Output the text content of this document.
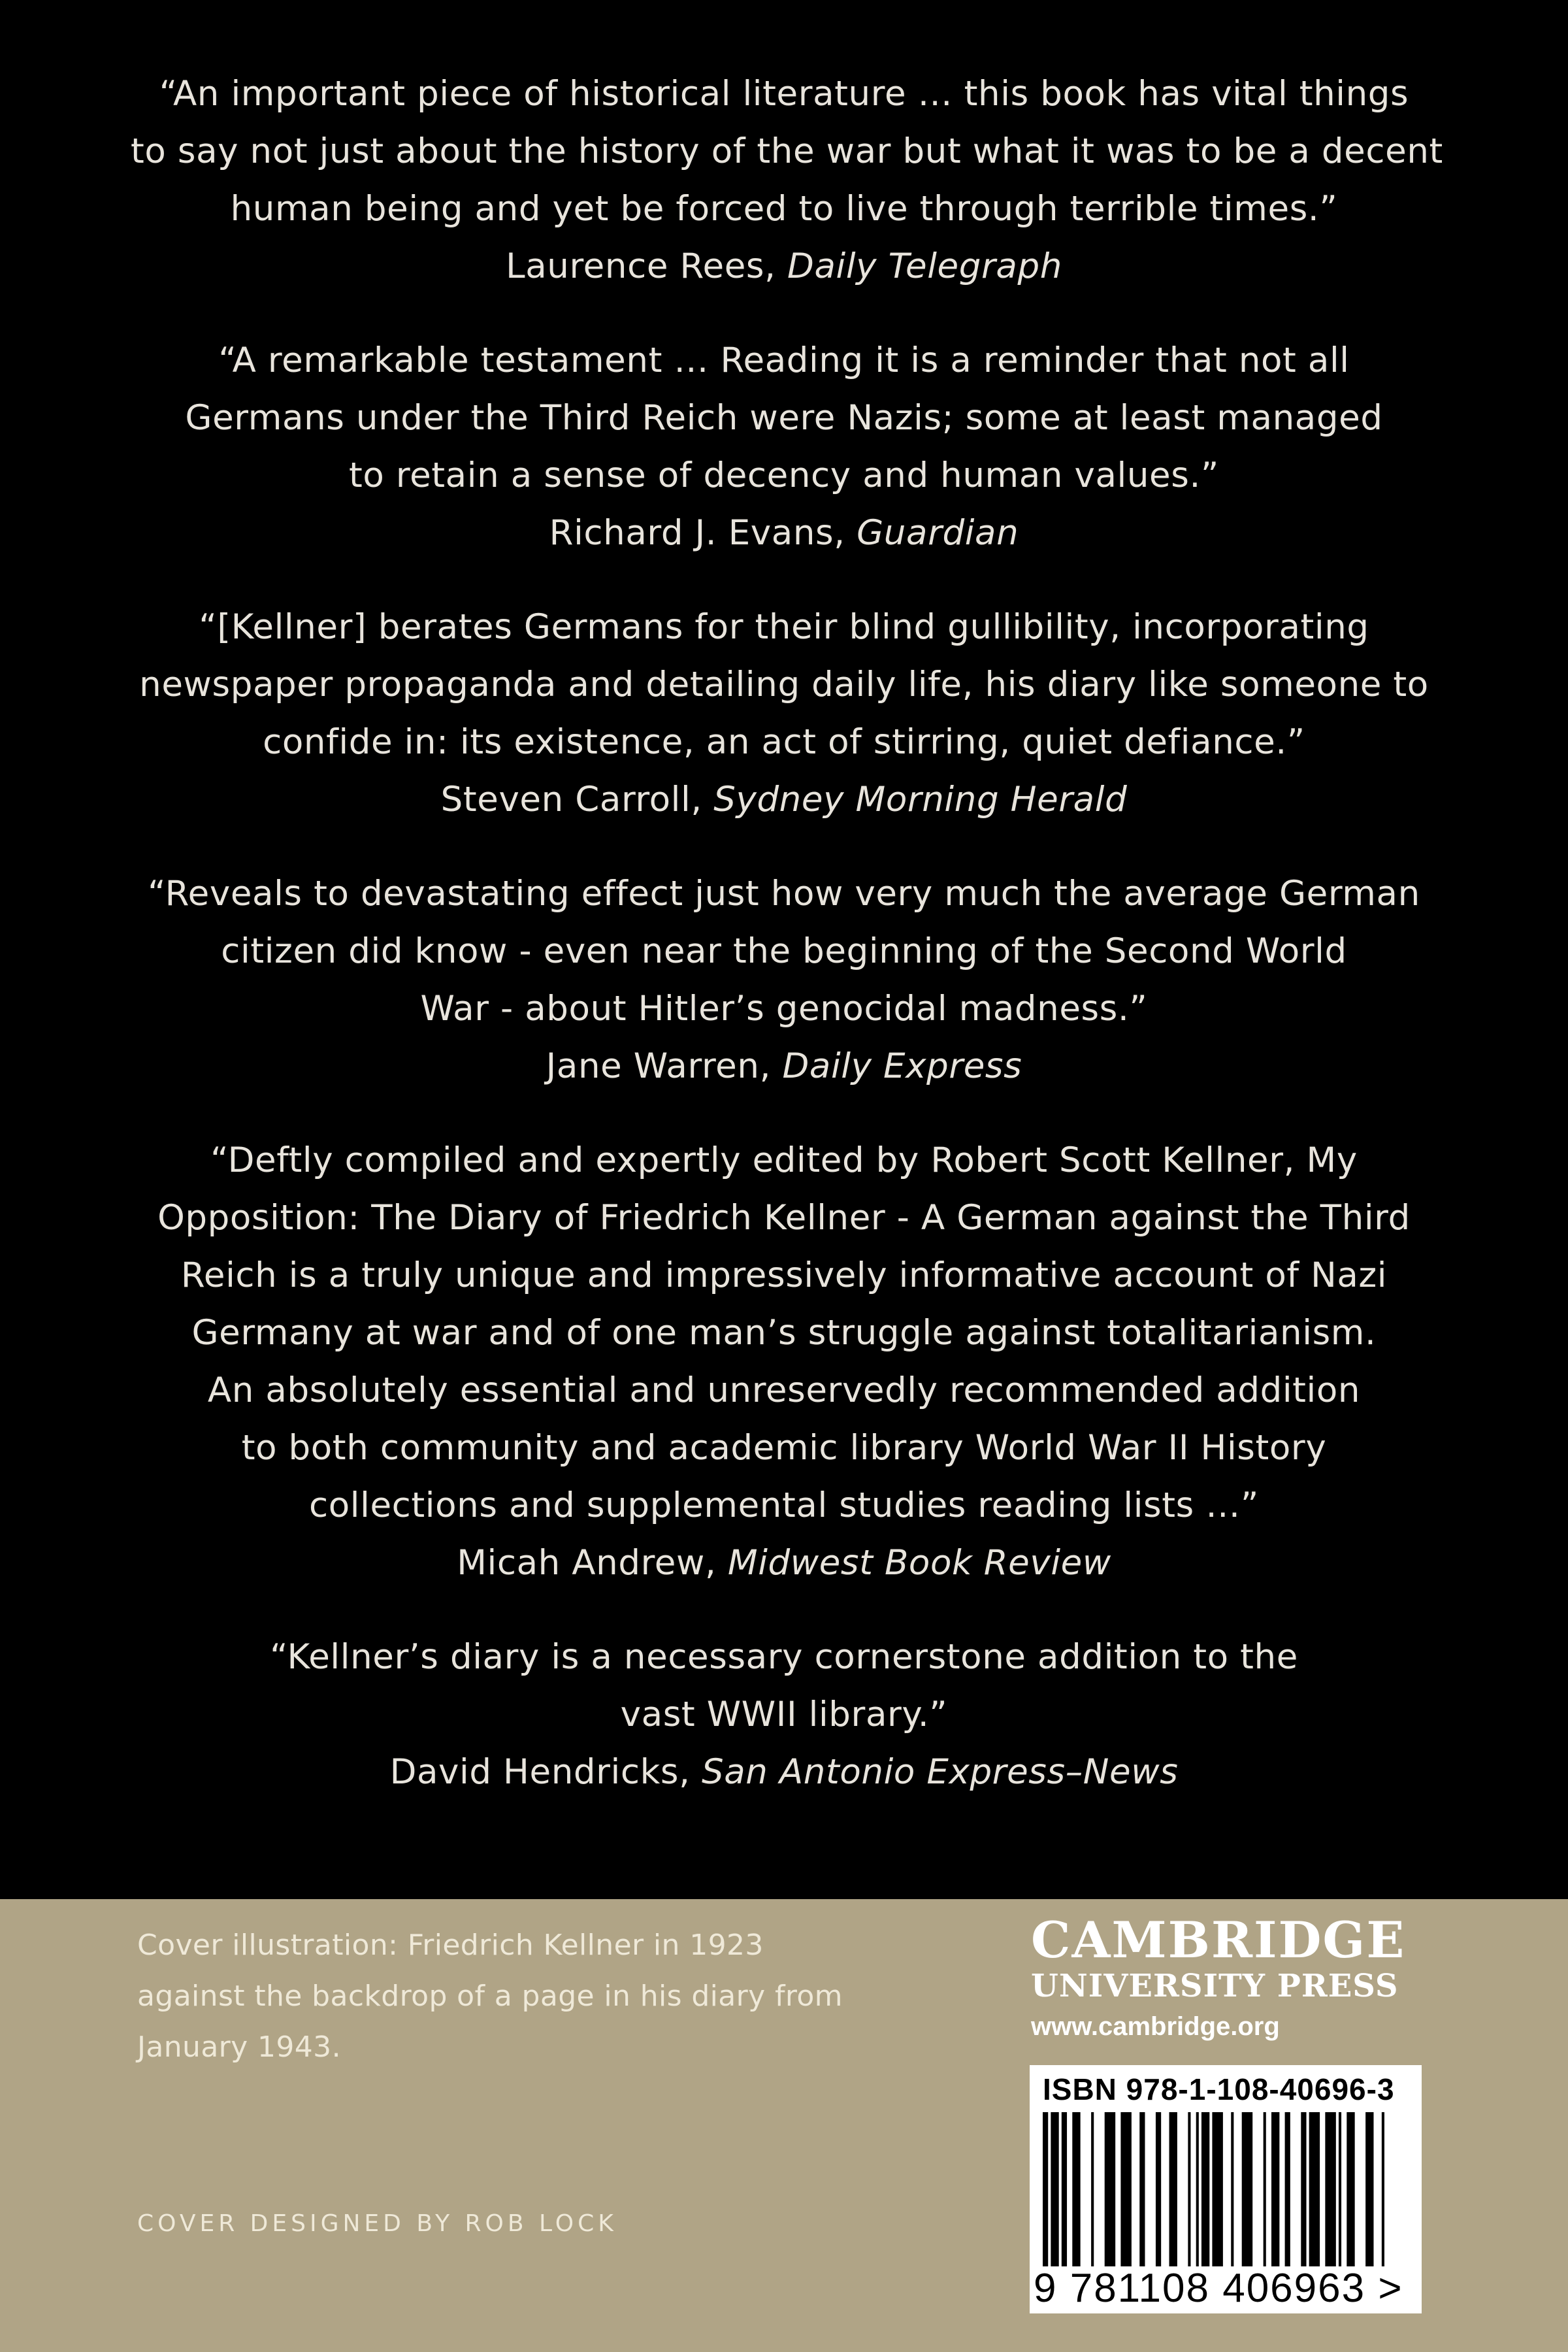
“An important piece of historical literature … this book has vital things
to say not just about the history of the war but what it was to be a decent
human being and yet be forced to live through terrible times.”
Laurence Rees, Daily Telegraph
“A remarkable testament … Reading it is a reminder that not all
Germans under the Third Reich were Nazis; some at least managed
to retain a sense of decency and human values.”
Richard J. Evans, Guardian
“[Kellner] berates Germans for their blind gullibility, incorporating
newspaper propaganda and detailing daily life, his diary like someone to
confide in: its existence, an act of stirring, quiet defiance.”
Steven Carroll, Sydney Morning Herald
“Reveals to devastating effect just how very much the average German
citizen did know - even near the beginning of the Second World
War - about Hitler’s genocidal madness.”
Jane Warren, Daily Express
“Deftly compiled and expertly edited by Robert Scott Kellner, My
Opposition: The Diary of Friedrich Kellner - A German against the Third
Reich is a truly unique and impressively informative account of Nazi
Germany at war and of one man’s struggle against totalitarianism.
An absolutely essential and unreservedly recommended addition
to both community and academic library World War II History
collections and supplemental studies reading lists …”
Micah Andrew, Midwest Book Review
“Kellner’s diary is a necessary cornerstone addition to the
vast WWII library.”
David Hendricks, San Antonio Express–News
Cover illustration: Friedrich Kellner in 1923
against the backdrop of a page in his diary from
January 1943.
COVER DESIGNED BY ROB LOCK
CAMBRIDGE
UNIVERSITY PRESS
www.cambridge.org
ISBN 978-1-108-40696-3
9 781108 406963 >
